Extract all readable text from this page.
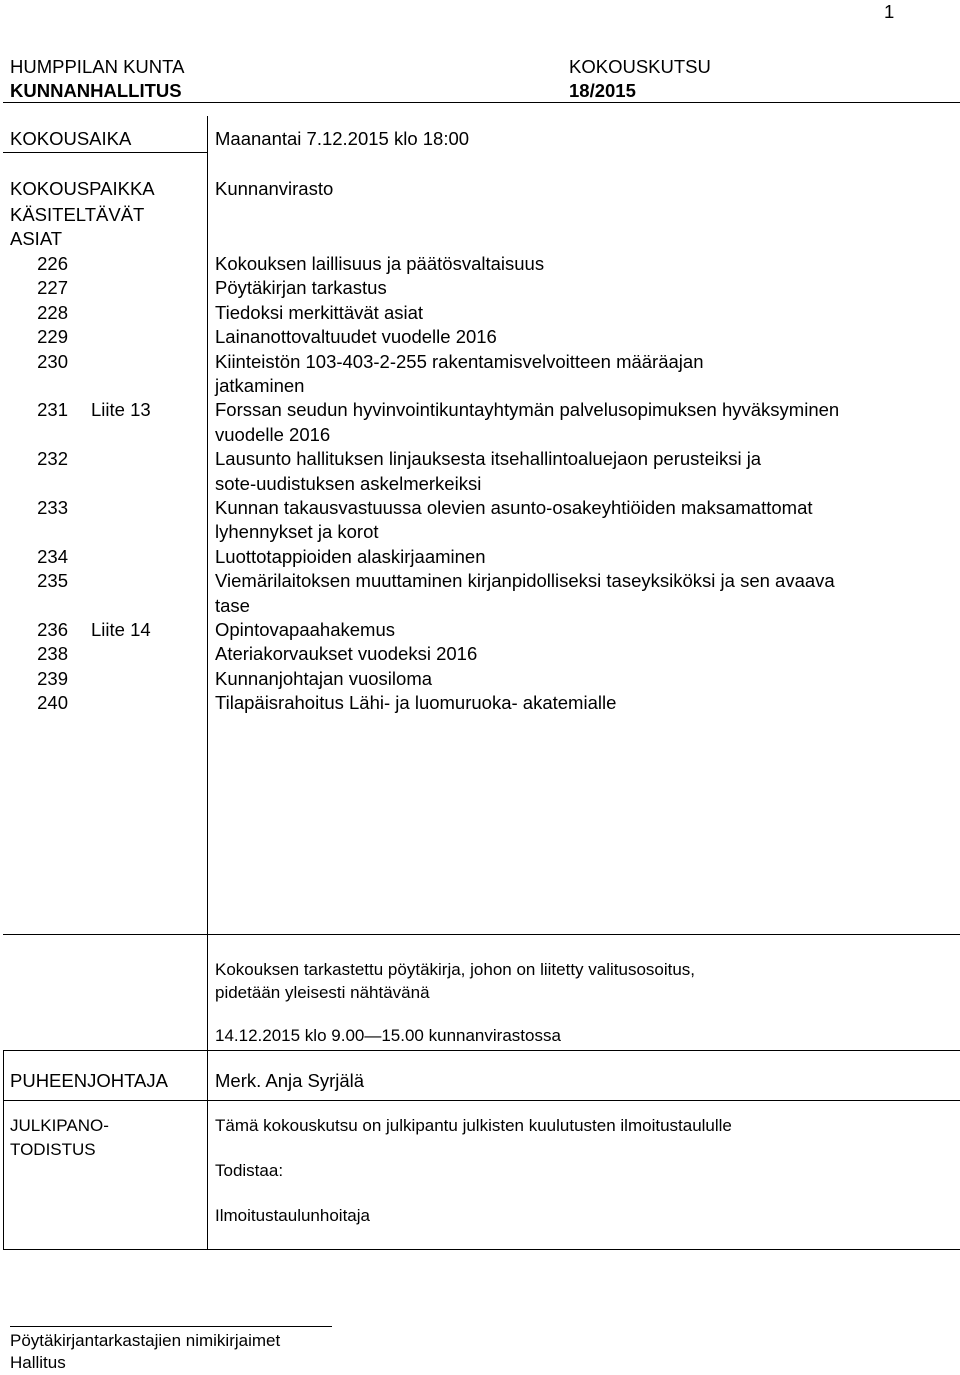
1
HUMPPILAN KUNTA
KUNNANHALLITUS
KOKOUSKUTSU
18/2015
KOKOUSAIKA	Maanantai 7.12.2015 klo 18:00
KOKOUSPAIKKA	Kunnanvirasto
KÄSITELTÄVÄT
ASIAT
226	Kokouksen laillisuus ja päätösvaltaisuus
227	Pöytäkirjan tarkastus
228	Tiedoksi merkittävät asiat
229	Lainanottovaltuudet vuodelle 2016
230	Kiinteistön 103-403-2-255 rakentamisvelvoitteen määräajan
jatkaminen
231 Liite 13	Forssan seudun hyvinvointikuntayhtymän palvelusopimuksen hyväksyminen
vuodelle 2016
232	Lausunto hallituksen linjauksesta itsehallintoaluejaon perusteiksi ja
sote-uudistuksen askelmerkeiksi
233	Kunnan takausvastuussa olevien asunto-osakeyhtiöiden maksamattomat
lyhennykset ja korot
234	Luottotappioiden alaskirjaaminen
235	Viemärilaitoksen muuttaminen kirjanpidolliseksi taseyksiköksi ja sen avaava
tase
236 Liite 14	Opintovapaahakemus
238	Ateriakorvaukset vuodeksi 2016
239	Kunnanjohtajan vuosiloma
240	Tilapäisrahoitus Lähi- ja luomuruoka- akatemialle
Kokouksen tarkastettu pöytäkirja, johon on liitetty valitusosoitus,
pidetään yleisesti nähtävänä
14.12.2015 klo 9.00—15.00 kunnanvirastossa
PUHEENJOHTAJA	Merk. Anja Syrjälä
JULKIPANO-
TODISTUS
Tämä kokouskutsu on julkipantu julkisten kuulutusten ilmoitustaululle
Todistaa:
Ilmoitustaulunhoitaja
Pöytäkirjantarkastajien nimikirjaimet
Hallitus
